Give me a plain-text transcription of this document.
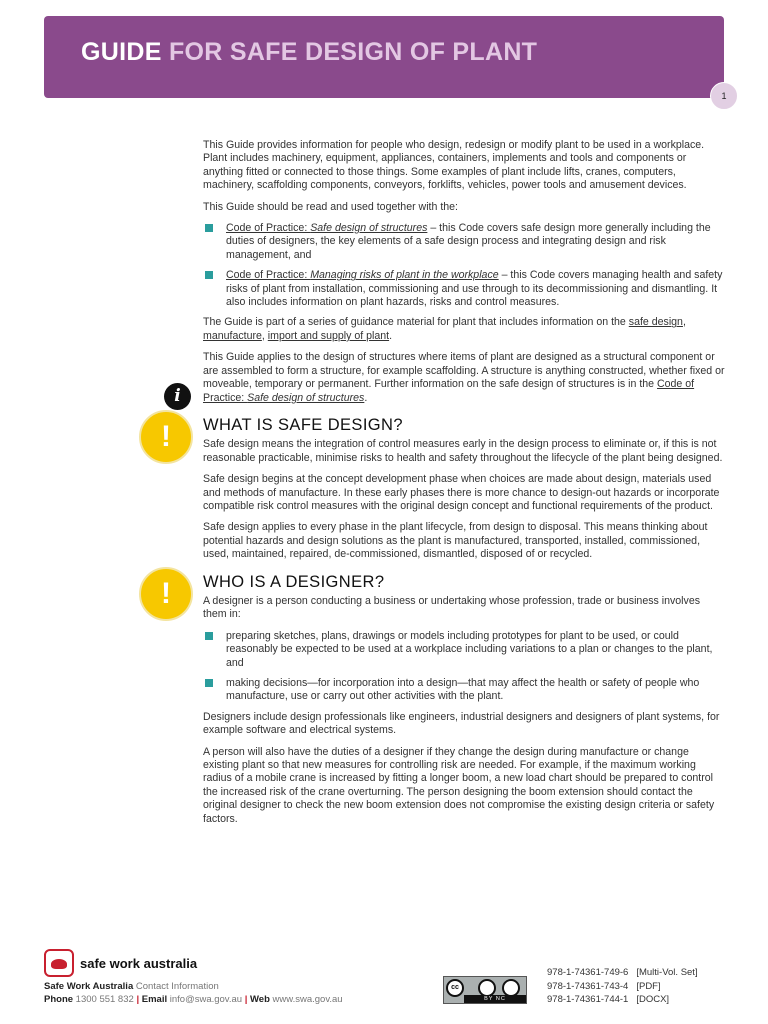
GUIDE FOR SAFE DESIGN OF PLANT
1

This Guide provides information for people who design, redesign or modify plant to be used in a workplace. Plant includes machinery, equipment, appliances, containers, implements and tools and components or anything fitted or connected to those things. Some examples of plant include lifts, cranes, computers, machinery, scaffolding components, conveyors, forklifts, vehicles, power tools and amusement devices.

This Guide should be read and used together with the:

Code of Practice: Safe design of structures – this Code covers safe design more generally including the duties of designers, the key elements of a safe design process and integrating design and risk management, and
Code of Practice: Managing risks of plant in the workplace – this Code covers managing health and safety risks of plant from installation, commissioning and use through to its decommissioning and dismantling. It also includes information on plant hazards, risks and control measures.

The Guide is part of a series of guidance material for plant that includes information on the safe design, manufacture, import and supply of plant.

i
This Guide applies to the design of structures where items of plant are designed as a structural component or are assembled to form a structure, for example scaffolding. A structure is anything constructed, whether fixed or moveable, temporary or permanent. Further information on the safe design of structures is in the Code of Practice: Safe design of structures.

!	WHAT IS SAFE DESIGN?

Safe design means the integration of control measures early in the design process to eliminate or, if this is not reasonable practicable, minimise risks to health and safety throughout the lifecycle of the plant being designed.

Safe design begins at the concept development phase when choices are made about design, materials used and methods of manufacture. In these early phases there is more chance to design-out hazards or incorporate compatible risk control measures with the original design concept and functional requirements of the product.

Safe design applies to every phase in the plant lifecycle, from design to disposal. This means thinking about potential hazards and design solutions as the plant is manufactured, transported, installed, commissioned, used, maintained, repaired, de-commissioned, dismantled, disposed of or recycled.

!	WHO IS A DESIGNER?

A designer is a person conducting a business or undertaking whose profession, trade or business involves them in:

preparing sketches, plans, drawings or models including prototypes for plant to be used, or could reasonably be expected to be used at a workplace including variations to a plan or changes to the plant, and
making decisions—for incorporation into a design—that may affect the health or safety of people who manufacture, use or carry out other activities with the plant.

Designers include design professionals like engineers, industrial designers and designers of plant systems, for example software and electrical systems.

A person will also have the duties of a designer if they change the design during manufacture or change existing plant so that new measures for controlling risk are needed. For example, if the maximum working radius of a mobile crane is increased by fitting a longer boom, a new load chart should be prepared to control the increased risk of the crane overturning. The person designing the boom extension should contact the original designer to check the new boom extension does not compromise the existing design criteria or safety factors.

safe work australia
Safe Work Australia Contact Information
Phone 1300 551 832 | Email info@swa.gov.au | Web www.swa.gov.au
cc
BY NC
978-1-74361-749-6 [Multi-Vol. Set]
978-1-74361-743-4 [PDF]
978-1-74361-744-1 [DOCX]
